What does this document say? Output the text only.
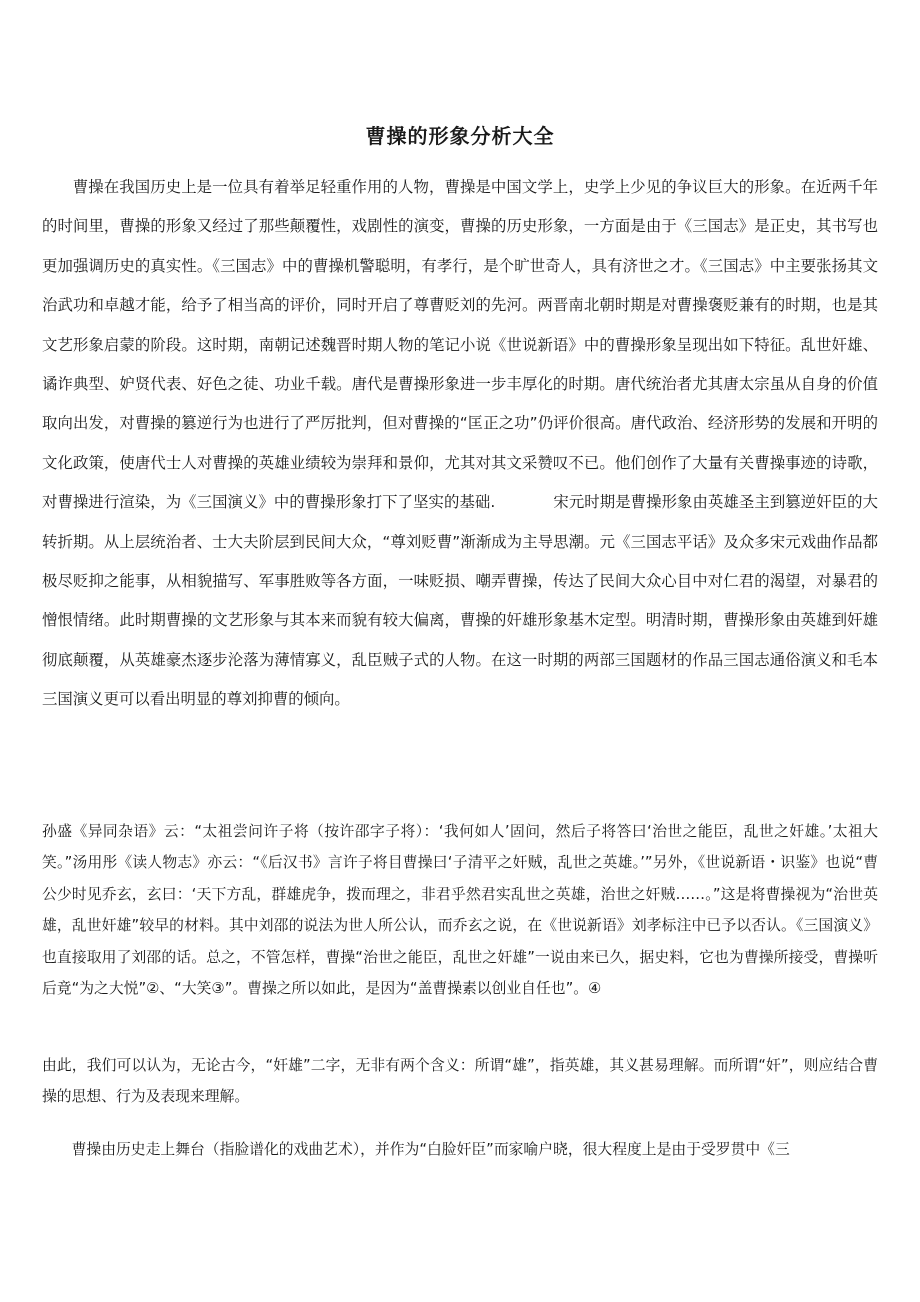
曹操的形象分析大全

曹操在我国历史上是一位具有着举足轻重作用的人物，曹操是中国文学上，史学上少见的争议巨大的形象。在近两千年的时间里，曹操的形象又经过了那些颠覆性，戏剧性的演变，曹操的历史形象，一方面是由于《三国志》是正史，其书写也更加强调历史的真实性。《三国志》中的曹操机警聪明，有孝行，是个旷世奇人，具有济世之才。《三国志》中主要张扬其文治武功和卓越才能，给予了相当高的评价，同时开启了尊曹贬刘的先河。两晋南北朝时期是对曹操褒贬兼有的时期，也是其文艺形象启蒙的阶段。这时期，南朝记述魏晋时期人物的笔记小说《世说新语》中的曹操形象呈现出如下特征。乱世奸雄、谲诈典型、妒贤代表、好色之徒、功业千载。唐代是曹操形象进一步丰厚化的时期。唐代统治者尤其唐太宗虽从自身的价值取向出发，对曹操的篡逆行为也进行了严厉批判，但对曹操的“匡正之功”仍评价很高。唐代政治、经济形势的发展和开明的文化政策，使唐代士人对曹操的英雄业绩较为崇拜和景仰，尤其对其文采赞叹不已。他们创作了大量有关曹操事迹的诗歌，对曹操进行渲染，为《三国演义》中的曹操形象打下了坚实的基础.	宋元时期是曹操形象由英雄圣主到篡逆奸臣的大转折期。从上层统治者、士大夫阶层到民间大众，“尊刘贬曹”渐渐成为主导思潮。元《三国志平话》及众多宋元戏曲作品都极尽贬抑之能事，从相貌描写、军事胜败等各方面，一味贬损、嘲弄曹操，传达了民间大众心目中对仁君的渴望，对暴君的憎恨情绪。此时期曹操的文艺形象与其本来而貌有较大偏离，曹操的奸雄形象基木定型。明清时期，曹操形象由英雄到奸雄彻底颠覆，从英雄豪杰逐步沦落为薄情寡义，乱臣贼子式的人物。在这一时期的两部三国题材的作品三国志通俗演义和毛本三国演义更可以看出明显的尊刘抑曹的倾向。

孙盛《异同杂语》云：“太祖尝问许子将（按许邵字子将）：‘我何如人’固问，然后子将答曰‘治世之能臣，乱世之奸雄。’太祖大笑。”汤用彤《读人物志》亦云：“《后汉书》言许子将目曹操曰‘子清平之奸贼，乱世之英雄。’”另外，《世说新语・识鉴》也说“曹公少时见乔玄，玄曰：‘天下方乱，群雄虎争，拨而理之，非君乎然君实乱世之英雄，治世之奸贼……。”这是将曹操视为“治世英雄，乱世奸雄”较早的材料。其中刘邵的说法为世人所公认，而乔玄之说，在《世说新语》刘孝标注中已予以否认。《三国演义》也直接取用了刘邵的话。总之，不管怎样，曹操“治世之能臣，乱世之奸雄”一说由来已久，据史料，它也为曹操所接受，曹操听后竟“为之大悦”②、“大笑③”。曹操之所以如此，是因为“盖曹操素以创业自任也”。④

由此，我们可以认为，无论古今，“奸雄”二字，无非有两个含义：所谓“雄”，指英雄，其义甚易理解。而所谓“奸”，则应结合曹操的思想、行为及表现来理解。

曹操由历史走上舞台（指脸谱化的戏曲艺术），并作为“白脸奸臣”而家喻户晓，很大程度上是由于受罗贯中《三
